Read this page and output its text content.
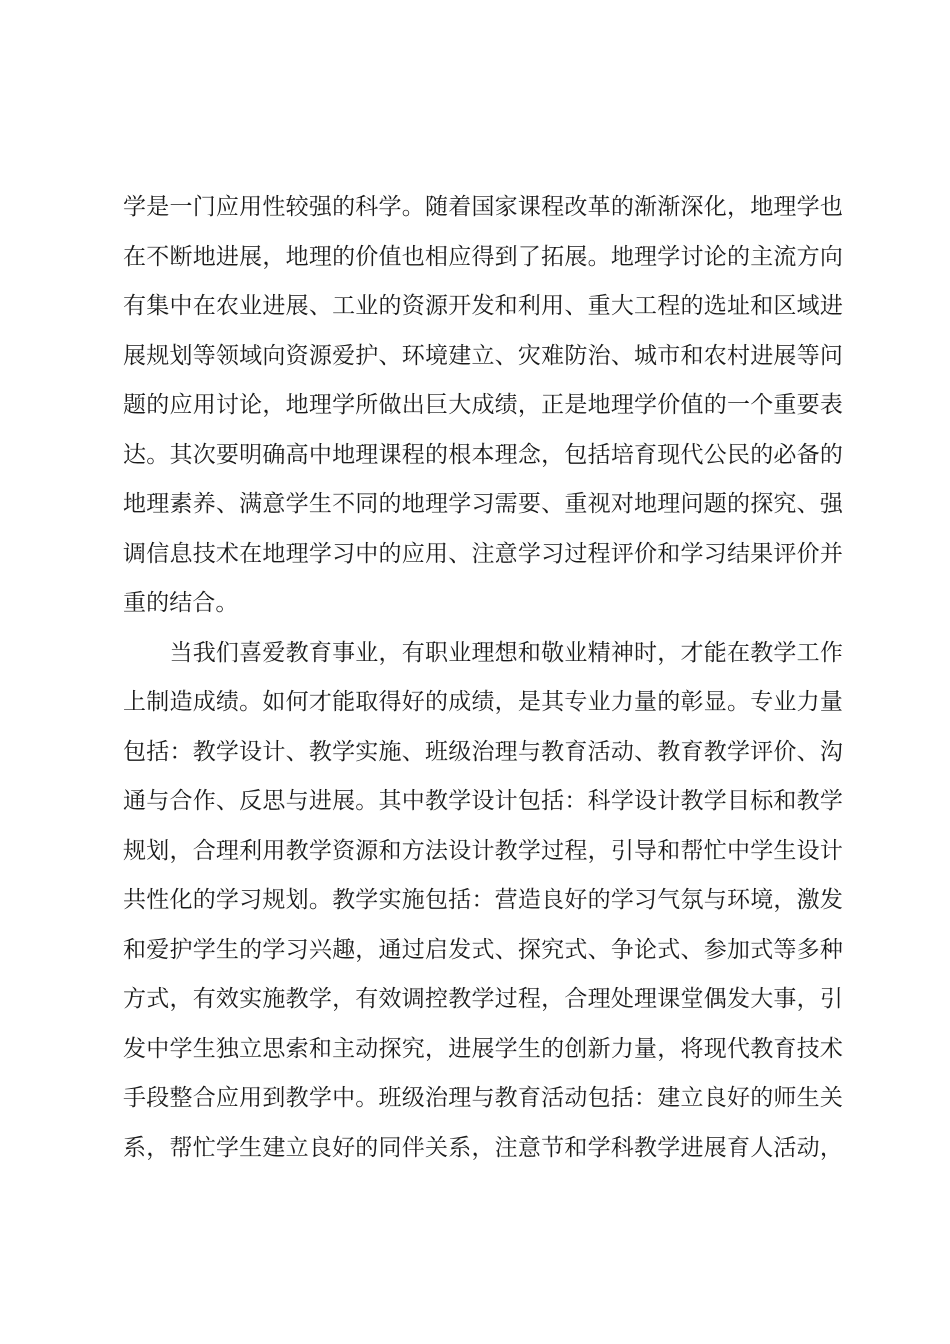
学是一门应用性较强的科学。随着国家课程改革的渐渐深化，地理学也
在不断地进展，地理的价值也相应得到了拓展。地理学讨论的主流方向
有集中在农业进展、工业的资源开发和利用、重大工程的选址和区域进
展规划等领域向资源爱护、环境建立、灾难防治、城市和农村进展等问
题的应用讨论，地理学所做出巨大成绩，正是地理学价值的一个重要表
达。其次要明确高中地理课程的根本理念，包括培育现代公民的必备的
地理素养、满意学生不同的地理学习需要、重视对地理问题的探究、强
调信息技术在地理学习中的应用、注意学习过程评价和学习结果评价并
重的结合。
　　当我们喜爱教育事业，有职业理想和敬业精神时，才能在教学工作
上制造成绩。如何才能取得好的成绩，是其专业力量的彰显。专业力量
包括：教学设计、教学实施、班级治理与教育活动、教育教学评价、沟
通与合作、反思与进展。其中教学设计包括：科学设计教学目标和教学
规划，合理利用教学资源和方法设计教学过程，引导和帮忙中学生设计
共性化的学习规划。教学实施包括：营造良好的学习气氛与环境，激发
和爱护学生的学习兴趣，通过启发式、探究式、争论式、参加式等多种
方式，有效实施教学，有效调控教学过程，合理处理课堂偶发大事，引
发中学生独立思索和主动探究，进展学生的创新力量，将现代教育技术
手段整合应用到教学中。班级治理与教育活动包括：建立良好的师生关
系，帮忙学生建立良好的同伴关系，注意节和学科教学进展育人活动，
